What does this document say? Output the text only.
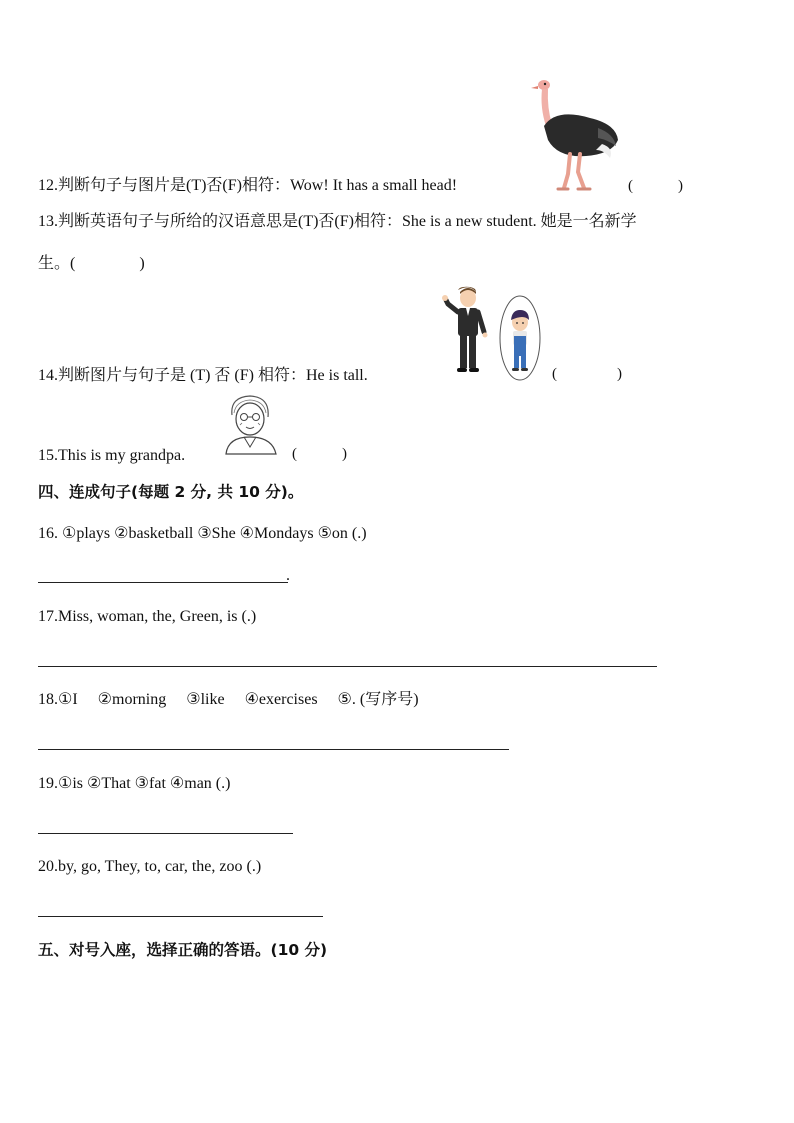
12.判断句子与图片是(T)否(F)相符：Wow! It has a small head!	(　　　)
13.判断英语句子与所给的汉语意思是(T)否(F)相符：She is a new student. 她是一名新学
生。(　　　　)
14.判断图片与句子是 (T) 否 (F) 相符：He is tall.	(　　　　)
15.This is my grandpa.	(　　　)
四、连成句子(每题 2 分, 共 10 分)。
16. ①plays ②basketball ③She ④Mondays ⑤on (.)
.
17.Miss, woman, the, Green, is (.)
18.①I　 ②morning　 ③like　 ④exercises　 ⑤. (写序号)
19.①is ②That ③fat ④man (.)
20.by, go, They, to, car, the, zoo (.)
五、对号入座，选择正确的答语。(10 分)
